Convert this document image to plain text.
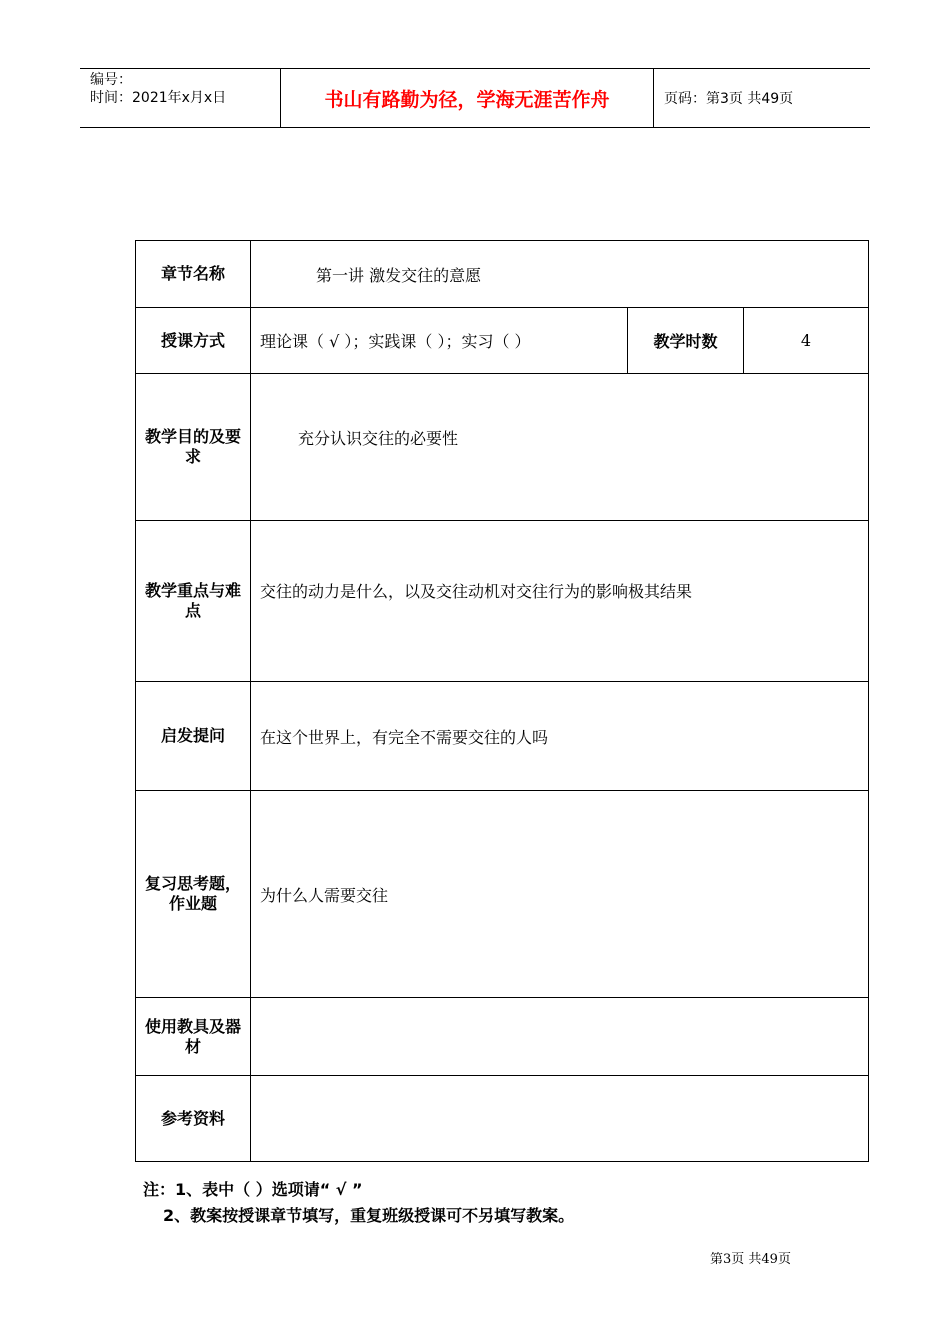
编号：
时间：2021年x月x日	书山有路勤为径，学海无涯苦作舟	页码：第3页 共49页
章节名称	第一讲 激发交往的意愿		
授课方式	理论课（ √ ）；实践课（ ）；实习（ ）	教学时数	4
教学目的及要求	充分认识交往的必要性		
教学重点与难点	交往的动力是什么，以及交往动机对交往行为的影响极其结果		
启发提问	在这个世界上，有完全不需要交往的人吗		
复习思考题，作业题	为什么人需要交往		
使用教具及器材			
参考资料			
注：1、表中（ ）选项请“ √ ”
2、教案按授课章节填写，重复班级授课可不另填写教案。
第3页 共49页
